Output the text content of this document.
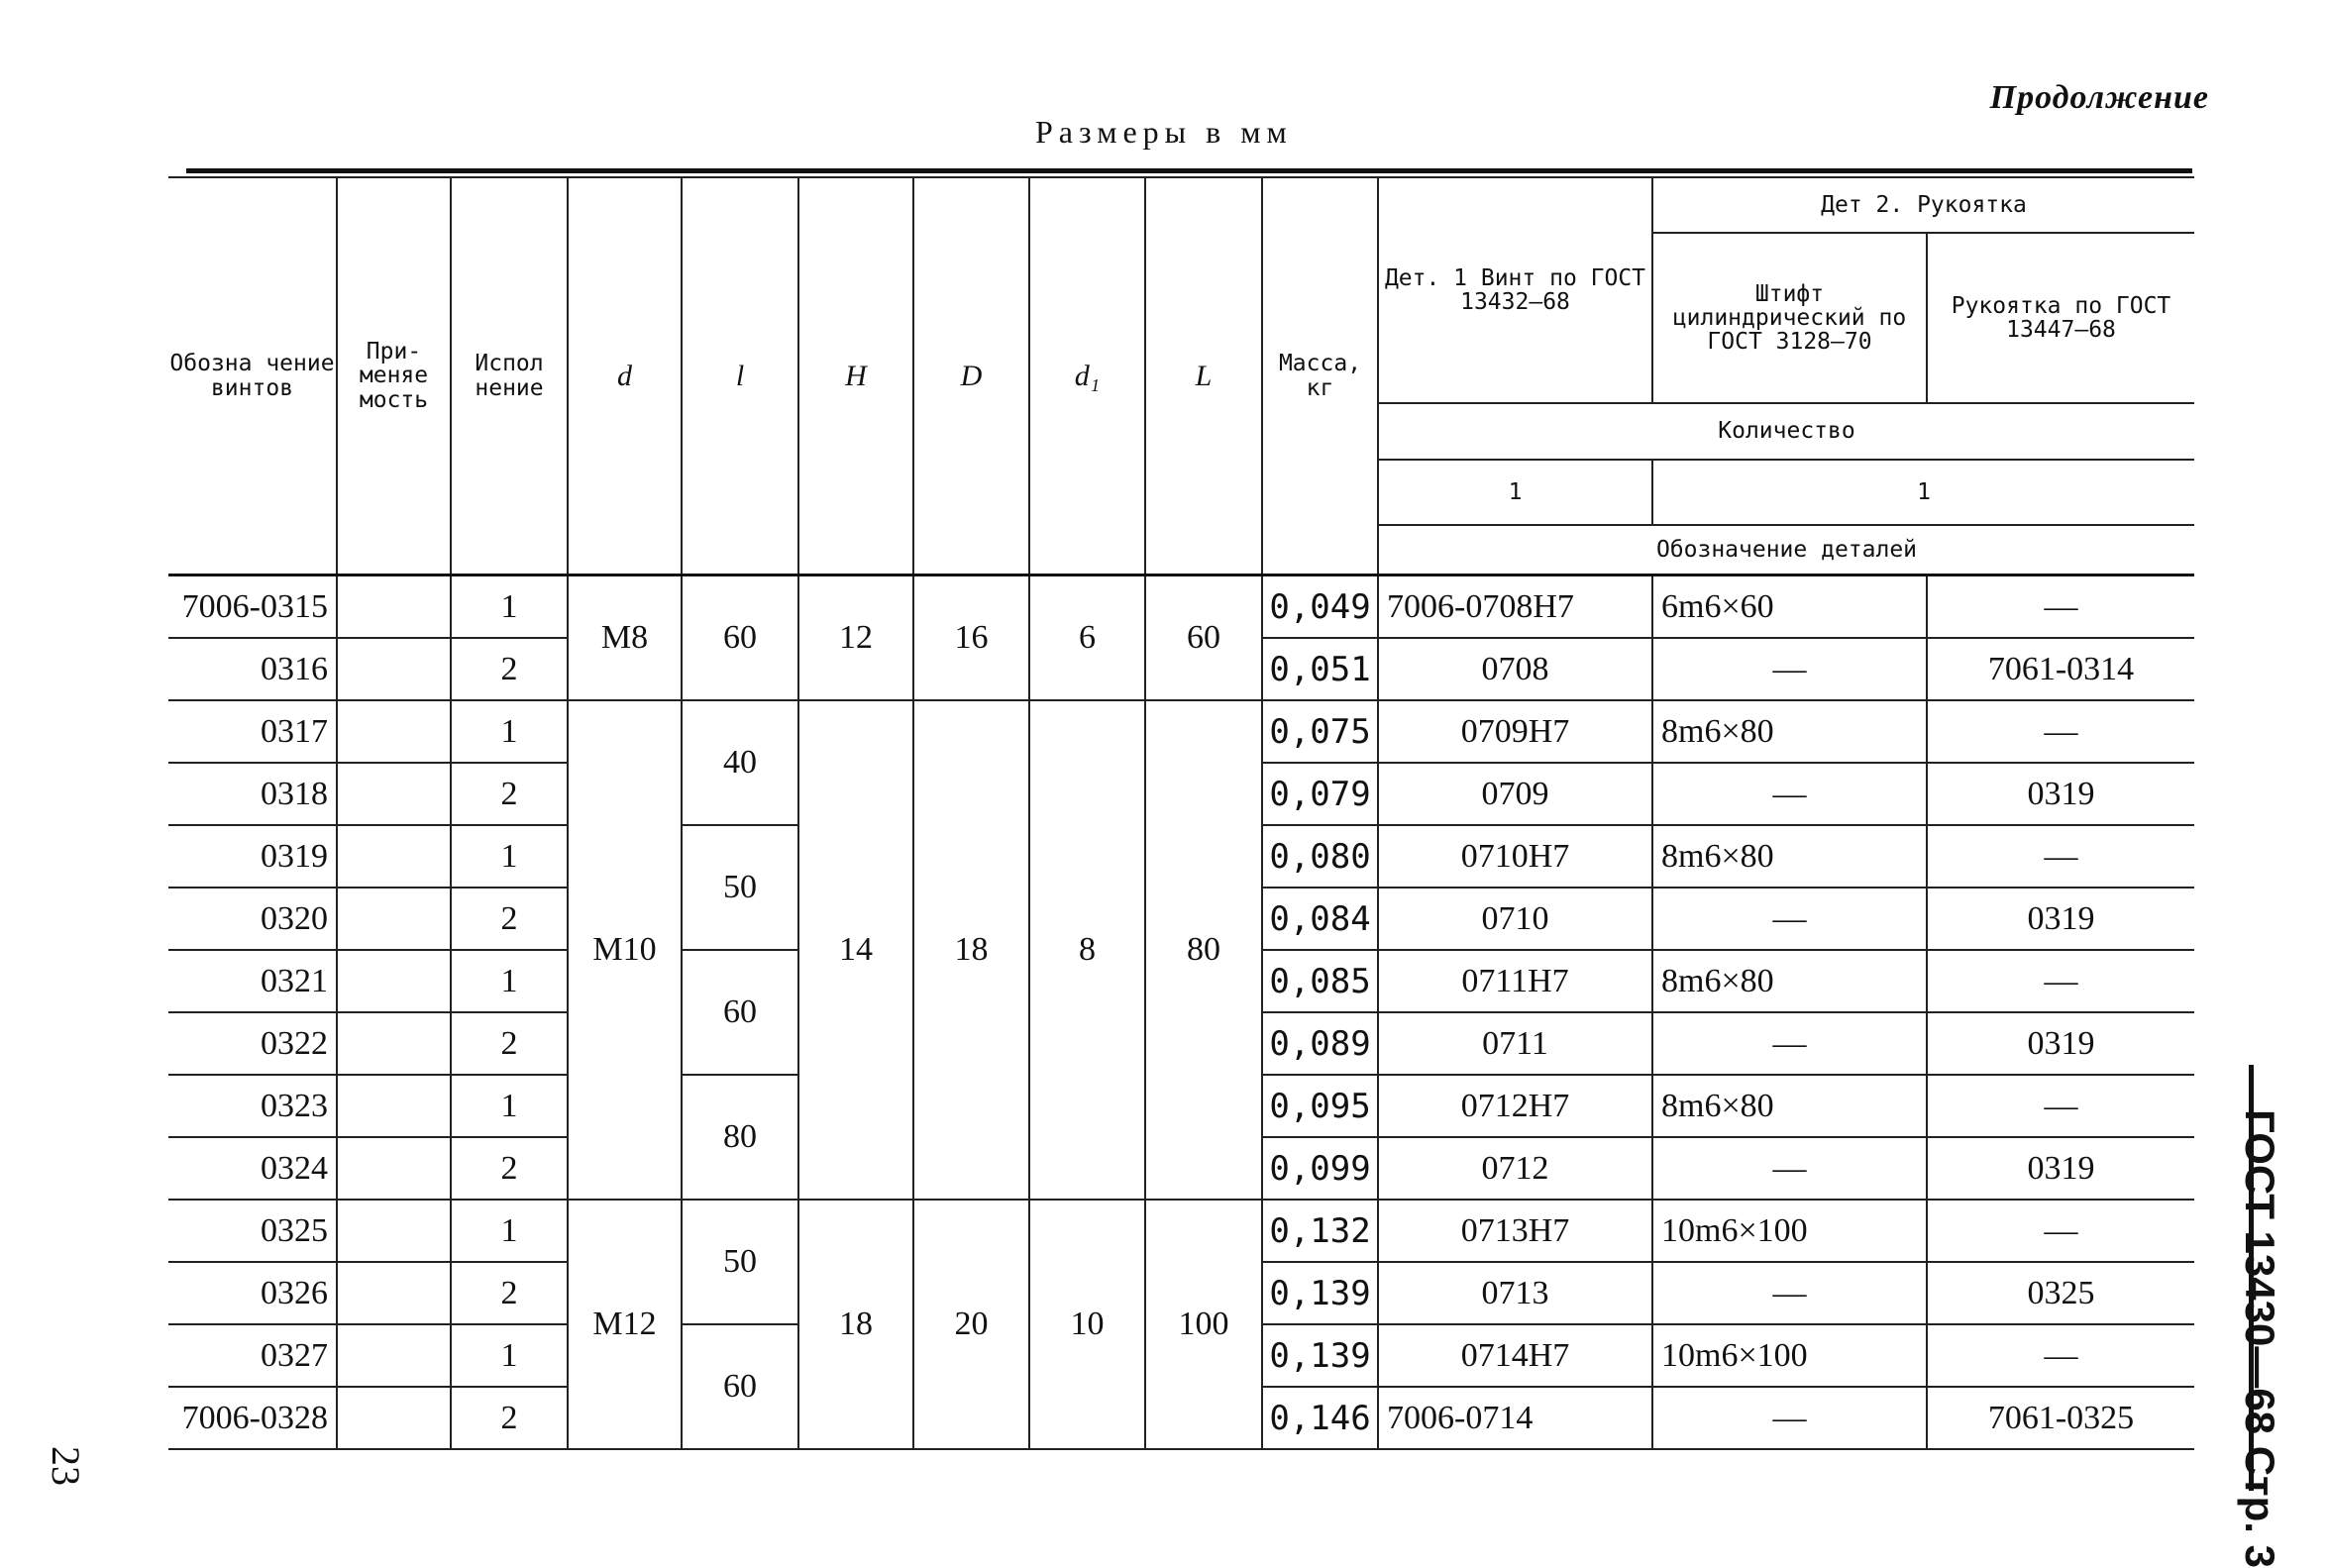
Продолжение
Размеры в мм
23	ГОСТ 13430—68 Стр. 3
Обозна чение винтов	При- меняе мость	Испол нение	d	l	H	D	d₁	L	Масса, кг	Дет. 1 Винт по ГОСТ 13432—68	Дет 2. Рукоятка	
											Штифт цилиндрический по ГОСТ 3128—70	Рукоятка по ГОСТ 13447—68
										Количество		
										1	1	
										Обозначение деталей		
7006-0315		1	M8	60	12	16	6	60	0,049	7006-0708H7	6m6×60	—
0316		2							0,051	0708	—	7061-0314
0317		1	M10	40	14	18	8	80	0,075	0709H7	8m6×80	—
0318		2							0,079	0709	—	0319
0319		1		50					0,080	0710H7	8m6×80	—
0320		2							0,084	0710	—	0319
0321		1		60					0,085	0711H7	8m6×80	—
0322		2							0,089	0711	—	0319
0323		1		80					0,095	0712H7	8m6×80	—
0324		2							0,099	0712	—	0319
0325		1	M12	50	18	20	10	100	0,132	0713H7	10m6×100	—
0326		2							0,139	0713	—	0325
0327		1		60					0,139	0714H7	10m6×100	—
7006-0328		2							0,146	7006-0714	—	7061-0325
